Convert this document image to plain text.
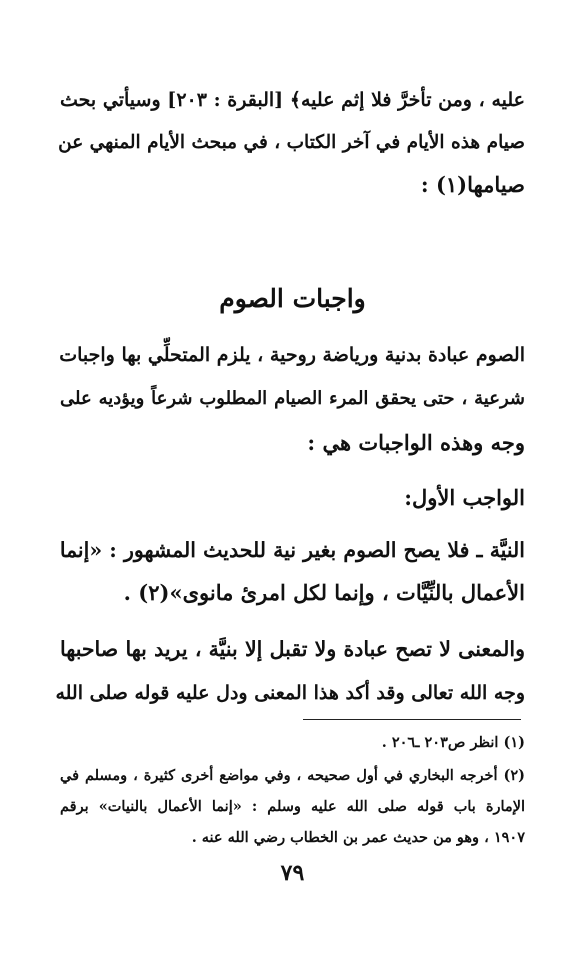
عليه ، ومن تأخرَّ فلا إثم عليه﴾ [البقرة : ٢٠٣] وسيأتي بحث
صيام هذه الأيام في آخر الكتاب ، في مبحث الأيام المنهي عن
صيامها(١) :
واجبات الصوم
الصوم عبادة بدنية ورياضة روحية ، يلزم المتحلِّي بها واجبات
شرعية ، حتى يحقق المرء الصيام المطلوب شرعاً ويؤديه على
وجه وهذه الواجبات هي :
الواجب الأول:
النيَّة ـ فلا يصح الصوم بغير نية للحديث المشهور : «إنما
الأعمال بالنِّيَّات ، وإنما لكل امرئ مانوى»(٢) .
والمعنى لا تصح عبادة ولا تقبل إلا بنيَّة ، يريد بها صاحبها
وجه الله تعالى وقد أكد هذا المعنى ودل عليه قوله صلى الله
(١) انظر ص٢٠٣ ـ٢٠٦ .
(٢) أخرجه البخاري في أول صحيحه ، وفي مواضع أخرى كثيرة ، ومسلم في
الإمارة باب قوله صلى الله عليه وسلم : «إنما الأعمال بالنيات» برقم
١٩٠٧ ، وهو من حديث عمر بن الخطاب رضي الله عنه .
٧٩
